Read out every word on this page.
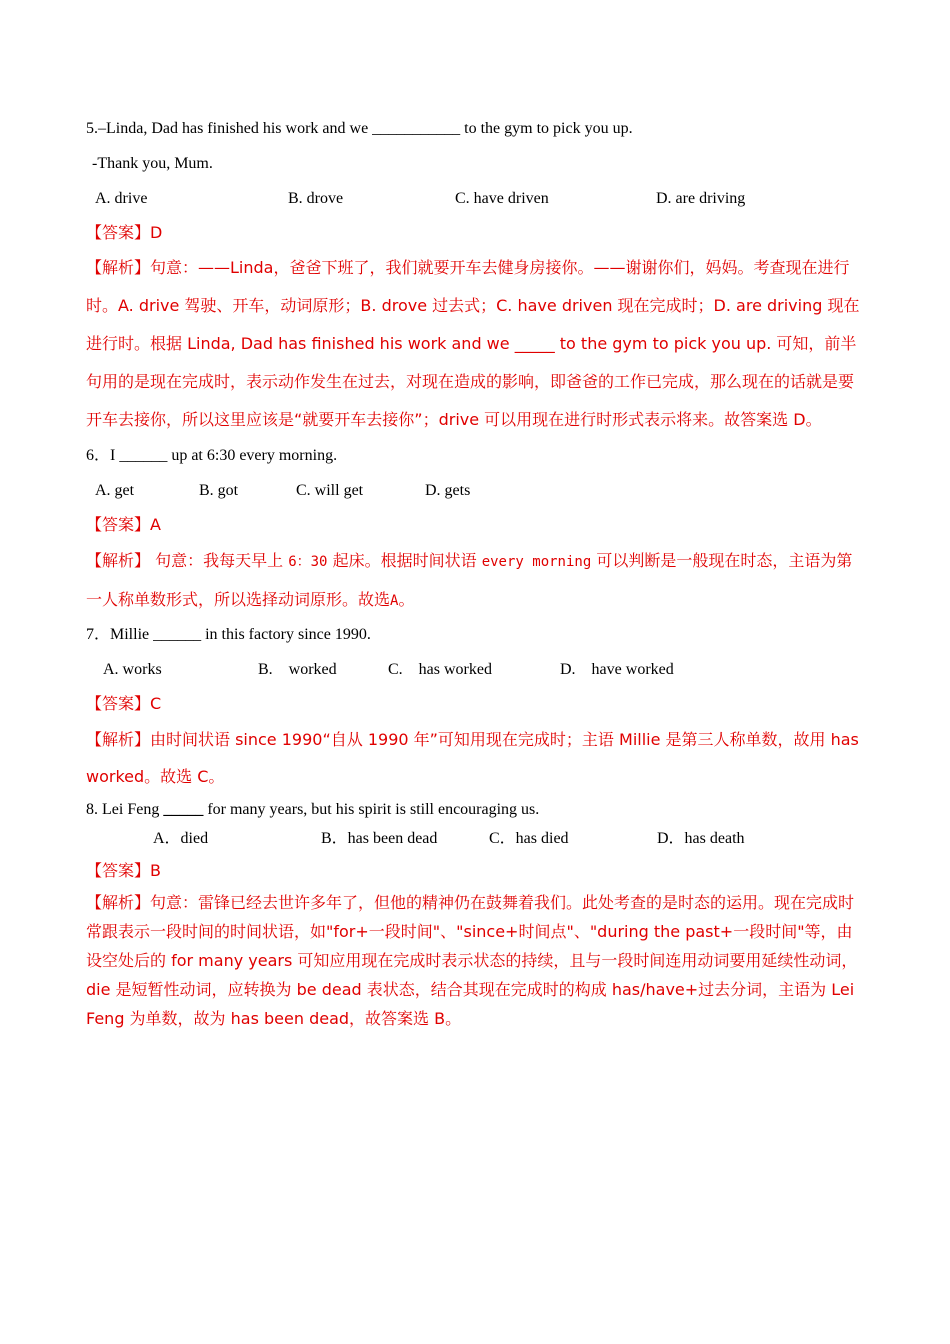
5.–Linda, Dad has finished his work and we ___________ to the gym to pick you up.
-Thank you, Mum.
A. drive	B. drove	C. have driven	D. are driving
【答案】D
【解析】句意：——Linda，爸爸下班了，我们就要开车去健身房接你。——谢谢你们，妈妈。考查现在进行时。A. drive 驾驶、开车，动词原形；B. drove 过去式；C. have driven 现在完成时；D. are driving 现在进行时。根据 Linda, Dad has finished his work and we _____ to the gym to pick you up. 可知，前半句用的是现在完成时，表示动作发生在过去，对现在造成的影响，即爸爸的工作已完成，那么现在的话就是要开车去接你，所以这里应该是“就要开车去接你”；drive 可以用现在进行时形式表示将来。故答案选 D。
6．I ______ up at 6:30 every morning.
A. get	B. got	C. will get	D. gets
【答案】A
【解析】 句意：我每天早上 6：30 起床。根据时间状语 every morning 可以判断是一般现在时态，主语为第一人称单数形式，所以选择动词原形。故选A。
7．Millie ______ in this factory since 1990.
A. works	B.　worked	C.　has worked	D.　have worked
【答案】C
【解析】由时间状语 since 1990“自从 1990 年”可知用现在完成时；主语 Millie 是第三人称单数，故用 has worked。故选 C。
8. Lei Feng _____ for many years, but his spirit is still encouraging us.
A．died	B．has been dead	C．has died	D．has death
【答案】B
【解析】句意：雷锋已经去世许多年了，但他的精神仍在鼓舞着我们。此处考查的是时态的运用。现在完成时常跟表示一段时间的时间状语，如"for+一段时间"、"since+时间点"、"during the past+一段时间"等，由设空处后的 for many years 可知应用现在完成时表示状态的持续，且与一段时间连用动词要用延续性动词，die 是短暂性动词，应转换为 be dead 表状态，结合其现在完成时的构成 has/have+过去分词，主语为 Lei Feng 为单数，故为 has been dead，故答案选 B。
